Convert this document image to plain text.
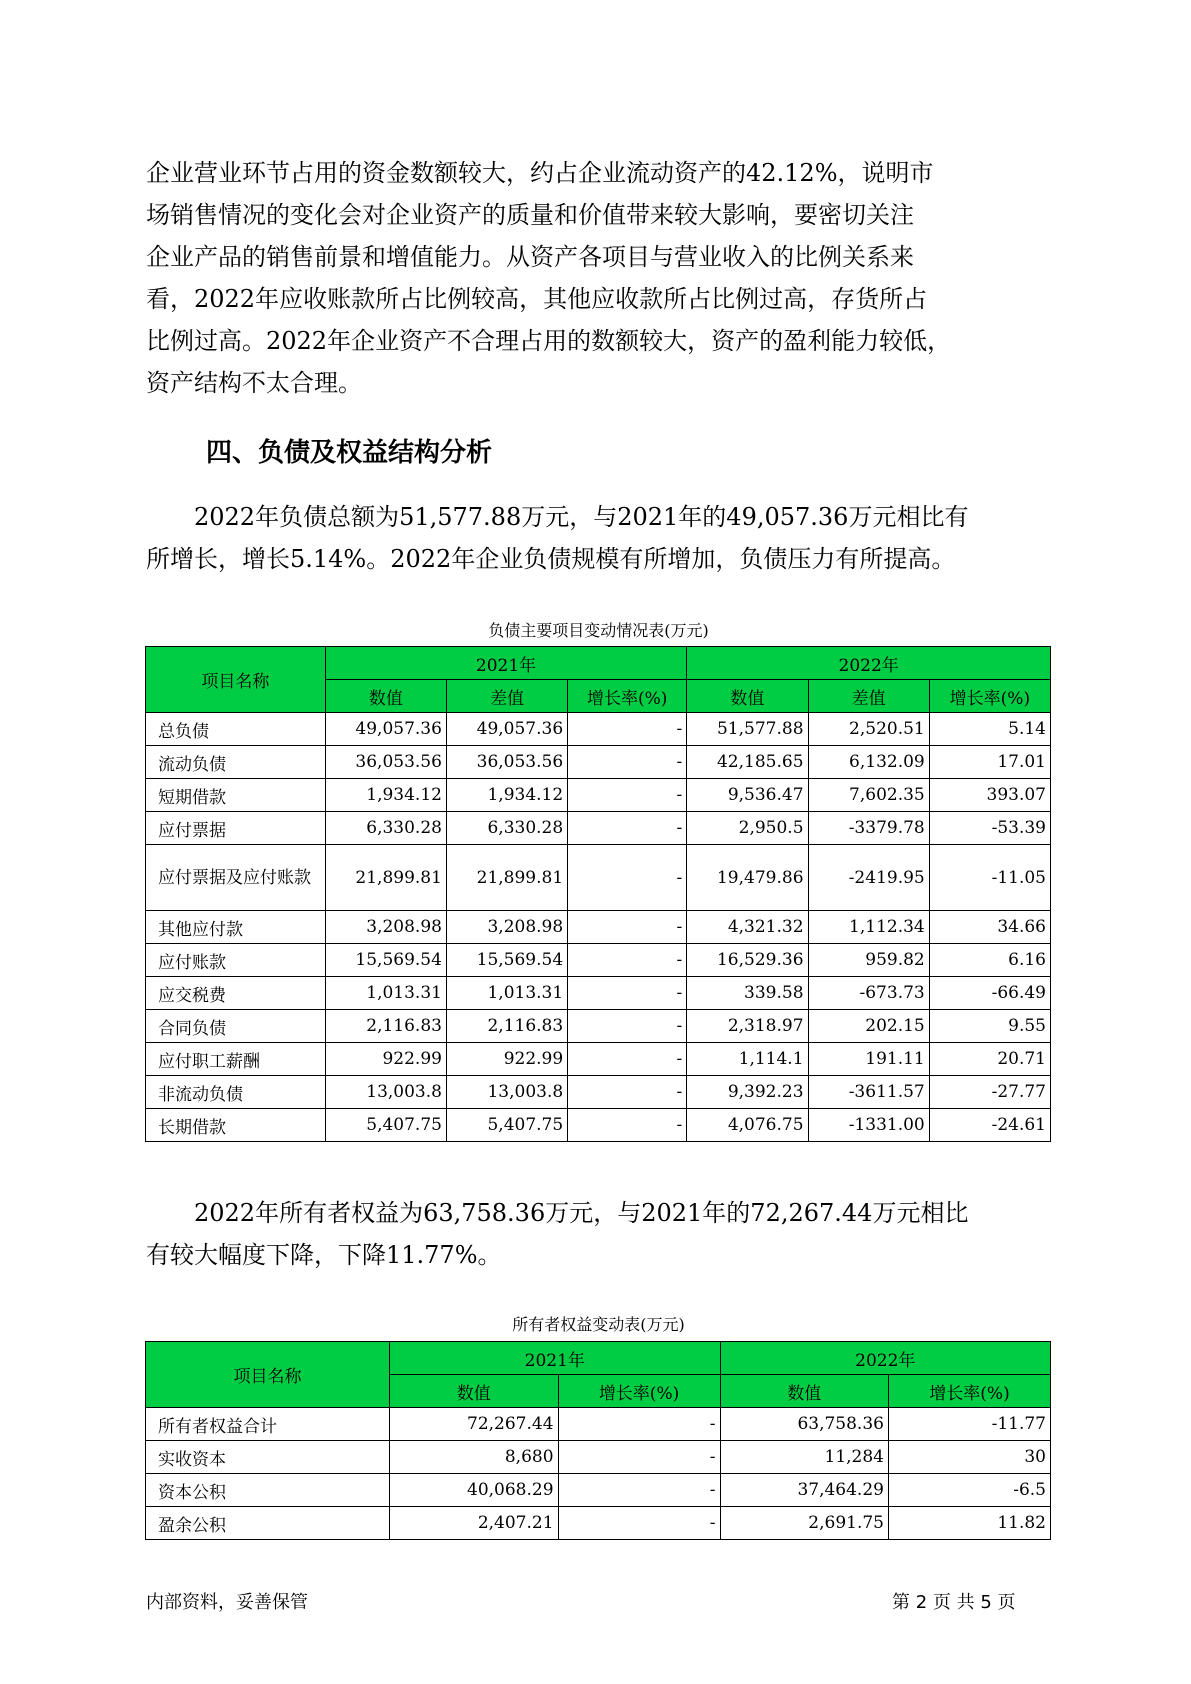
企业营业环节占用的资金数额较大，约占企业流动资产的42.12%，说明市
场销售情况的变化会对企业资产的质量和价值带来较大影响，要密切关注
企业产品的销售前景和增值能力。从资产各项目与营业收入的比例关系来
看，2022年应收账款所占比例较高，其他应收款所占比例过高，存货所占
比例过高。2022年企业资产不合理占用的数额较大，资产的盈利能力较低，
资产结构不太合理。
四、负债及权益结构分析
　　2022年负债总额为51,577.88万元，与2021年的49,057.36万元相比有
所增长，增长5.14%。2022年企业负债规模有所增加，负债压力有所提高。
负债主要项目变动情况表(万元)
项目名称	2021年			2022年		
	数值	差值	增长率(%)	数值	差值	增长率(%)
总负债	49,057.36	49,057.36	-	51,577.88	2,520.51	5.14
流动负债	36,053.56	36,053.56	-	42,185.65	6,132.09	17.01
短期借款	1,934.12	1,934.12	-	9,536.47	7,602.35	393.07
应付票据	6,330.28	6,330.28	-	2,950.5	-3379.78	-53.39
应付票据及应付账款	21,899.81	21,899.81	-	19,479.86	-2419.95	-11.05
其他应付款	3,208.98	3,208.98	-	4,321.32	1,112.34	34.66
应付账款	15,569.54	15,569.54	-	16,529.36	959.82	6.16
应交税费	1,013.31	1,013.31	-	339.58	-673.73	-66.49
合同负债	2,116.83	2,116.83	-	2,318.97	202.15	9.55
应付职工薪酬	922.99	922.99	-	1,114.1	191.11	20.71
非流动负债	13,003.8	13,003.8	-	9,392.23	-3611.57	-27.77
长期借款	5,407.75	5,407.75	-	4,076.75	-1331.00	-24.61
　　2022年所有者权益为63,758.36万元，与2021年的72,267.44万元相比
有较大幅度下降，下降11.77%。
所有者权益变动表(万元)
项目名称	2021年		2022年	
	数值	增长率(%)	数值	增长率(%)
所有者权益合计	72,267.44	-	63,758.36	-11.77
实收资本	8,680	-	11,284	30
资本公积	40,068.29	-	37,464.29	-6.5
盈余公积	2,407.21	-	2,691.75	11.82
内部资料，妥善保管	第 2 页 共 5 页
